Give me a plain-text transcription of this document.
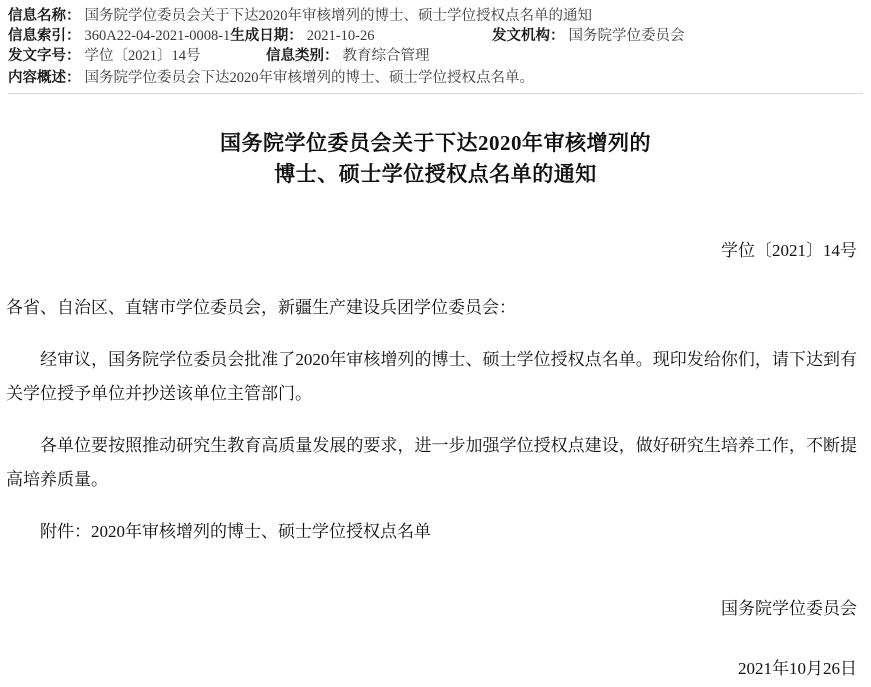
信息名称： 国务院学位委员会关于下达2020年审核增列的博士、硕士学位授权点名单的通知
信息索引： 360A22-04-2021-0008-1 生成日期： 2021-10-26	发文机构： 国务院学位委员会
发文字号： 学位〔2021〕14号	信息类别： 教育综合管理
内容概述： 国务院学位委员会下达2020年审核增列的博士、硕士学位授权点名单。
国务院学位委员会关于下达2020年审核增列的
博士、硕士学位授权点名单的通知
学位〔2021〕14号

各省、自治区、直辖市学位委员会，新疆生产建设兵团学位委员会：

经审议，国务院学位委员会批准了2020年审核增列的博士、硕士学位授权点名单。现印发给你们，请下达到有关学位授予单位并抄送该单位主管部门。

各单位要按照推动研究生教育高质量发展的要求，进一步加强学位授权点建设，做好研究生培养工作，不断提高培养质量。

附件：2020年审核增列的博士、硕士学位授权点名单

国务院学位委员会
2021年10月26日
